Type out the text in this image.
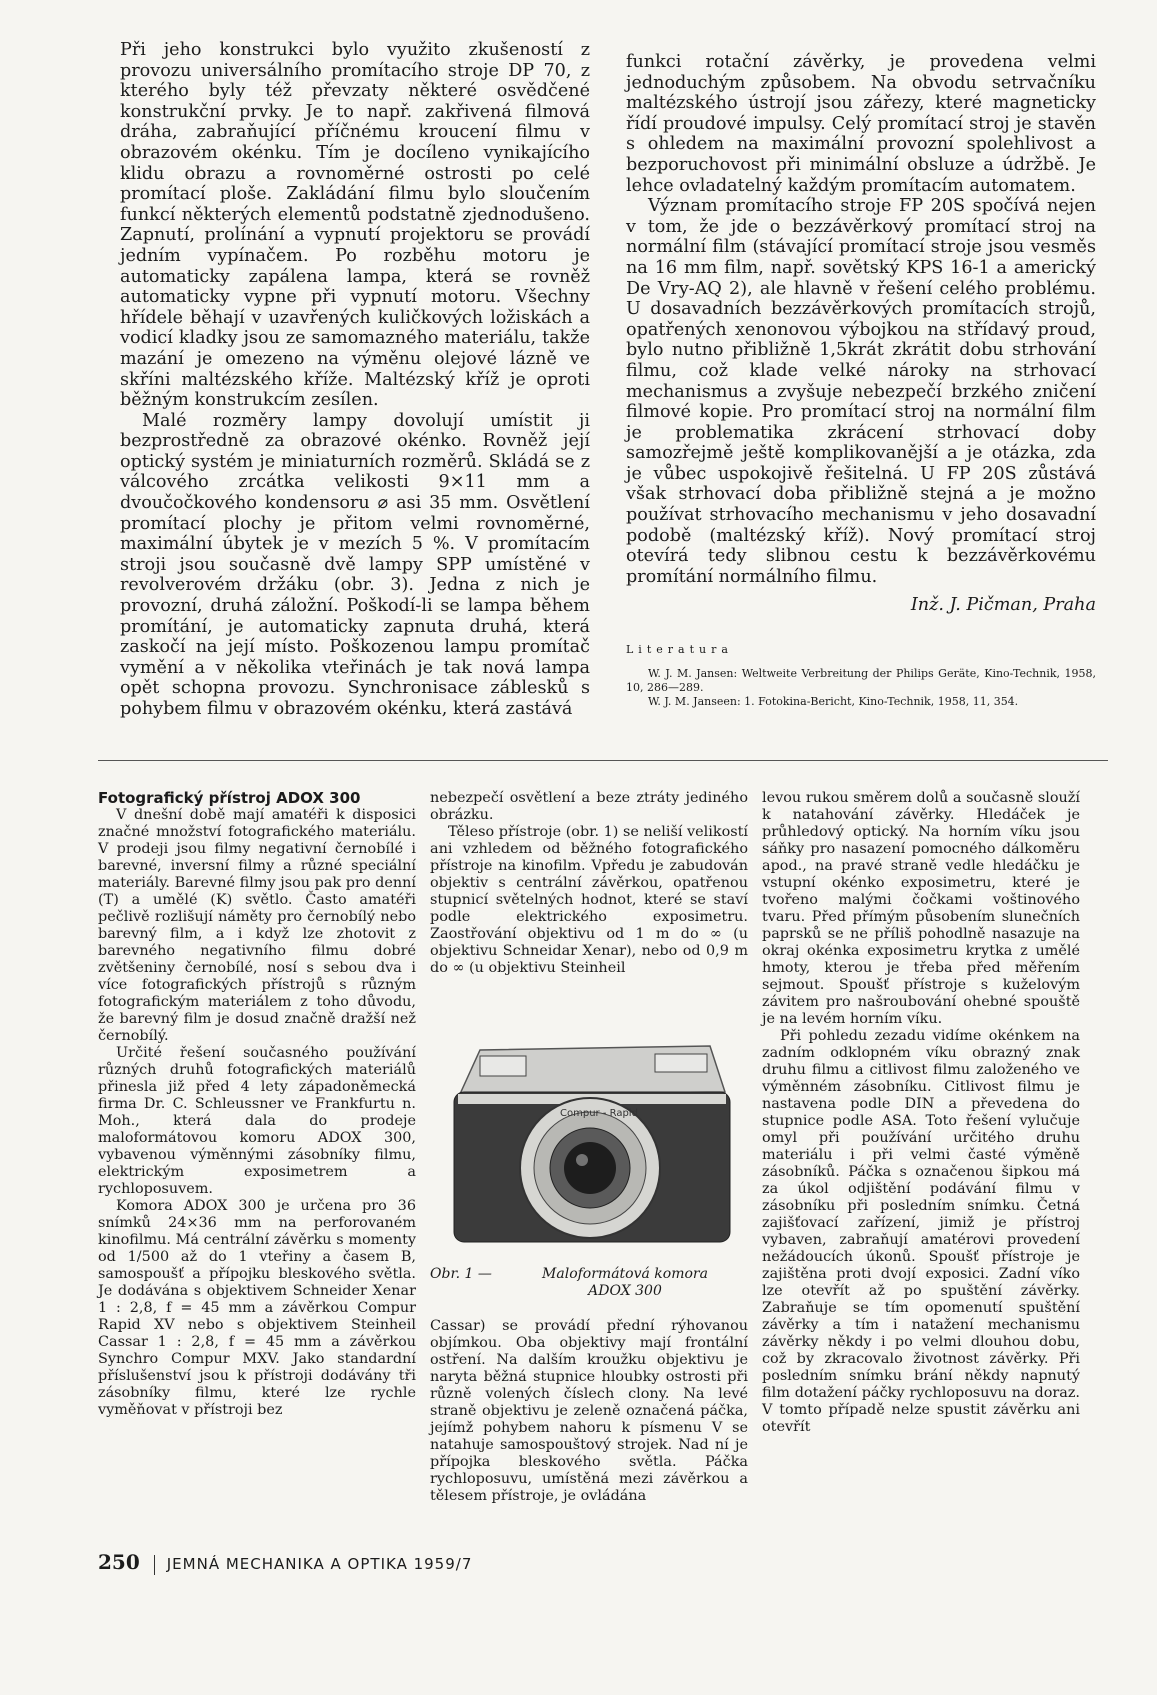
Při jeho konstrukci bylo využito zkušeností z provozu universálního promítacího stroje DP 70, z kterého byly též převzaty některé osvědčené konstrukční prvky. Je to např. zakřivená filmová dráha, zabraňující příčnému kroucení filmu v obrazovém okénku. Tím je docíleno vynikajícího klidu obrazu a rovnoměrné ostrosti po celé promítací ploše. Zakládání filmu bylo sloučením funkcí některých elementů podstatně zjednodušeno. Zapnutí, prolínání a vypnutí projektoru se provádí jedním vypínačem. Po rozběhu motoru je automaticky zapálena lampa, která se rovněž automaticky vypne při vypnutí motoru. Všechny hřídele běhají v uzavřených kuličkových ložiskách a vodicí kladky jsou ze samomazného materiálu, takže mazání je omezeno na výměnu olejové lázně ve skříni maltézského kříže. Maltézský kříž je oproti běžným konstrukcím zesílen.

Malé rozměry lampy dovolují umístit ji bezprostředně za obrazové okénko. Rovněž její optický systém je miniaturních rozměrů. Skládá se z válcového zrcátka velikosti 9×11 mm a dvoučočkového kondensoru ⌀ asi 35 mm. Osvětlení promítací plochy je přitom velmi rovnoměrné, maximální úbytek je v mezích 5 %. V promítacím stroji jsou současně dvě lampy SPP umístěné v revolverovém držáku (obr. 3). Jedna z nich je provozní, druhá záložní. Poškodí-li se lampa během promítání, je automaticky zapnuta druhá, která zaskočí na její místo. Poškozenou lampu promítač vymění a v několika vteřinách je tak nová lampa opět schopna provozu. Synchronisace záblesků s pohybem filmu v obrazovém okénku, která zastává

funkci rotační závěrky, je provedena velmi jednoduchým způsobem. Na obvodu setrvačníku maltézského ústrojí jsou zářezy, které magneticky řídí proudové impulsy. Celý promítací stroj je stavěn s ohledem na maximální provozní spolehlivost a bezporuchovost při minimální obsluze a údržbě. Je lehce ovladatelný každým promítacím automatem.

Význam promítacího stroje FP 20S spočívá nejen v tom, že jde o bezzávěrkový promítací stroj na normální film (stávající promítací stroje jsou vesměs na 16 mm film, např. sovětský KPS 16-1 a americký De Vry-AQ 2), ale hlavně v řešení celého problému. U dosavadních bezzávěrkových promítacích strojů, opatřených xenonovou výbojkou na střídavý proud, bylo nutno přibližně 1,5krát zkrátit dobu strhování filmu, což klade velké nároky na strhovací mechanismus a zvyšuje nebezpečí brzkého zničení filmové kopie. Pro promítací stroj na normální film je problematika zkrácení strhovací doby samozřejmě ještě komplikovanější a je otázka, zda je vůbec uspokojivě řešitelná. U FP 20S zůstává však strhovací doba přibližně stejná a je možno používat strhovacího mechanismu v jeho dosavadní podobě (maltézský kříž). Nový promítací stroj otevírá tedy slibnou cestu k bezzávěrkovému promítání normálního filmu.

Inž. J. Pičman, Praha
Literatura

W. J. M. Jansen: Weltweite Verbreitung der Philips Geräte, Kino-Technik, 1958, 10, 286—289.

W. J. M. Janseen: 1. Fotokina-Bericht, Kino-Technik, 1958, 11, 354.

Fotografický přístroj ADOX 300

V dnešní době mají amatéři k disposici značné množství fotografického materiálu. V prodeji jsou filmy negativní černobílé i barevné, inversní filmy a různé speciální materiály. Barevné filmy jsou pak pro denní (T) a umělé (K) světlo. Často amatéři pečlivě rozlišují náměty pro černobílý nebo barevný film, a i když lze zhotovit z barevného negativního filmu dobré zvětšeniny černobílé, nosí s sebou dva i více fotografických přístrojů s různým fotografickým materiálem z toho důvodu, že barevný film je dosud značně dražší než černobílý.

Určité řešení současného používání různých druhů fotografických materiálů přinesla již před 4 lety západoněmecká firma Dr. C. Schleussner ve Frankfurtu n. Moh., která dala do prodeje maloformátovou komoru ADOX 300, vybavenou výměnnými zásobníky filmu, elektrickým exposimetrem a rychloposuvem.

Komora ADOX 300 je určena pro 36 snímků 24×36 mm na perforovaném kinofilmu. Má centrální závěrku s momenty od 1/500 až do 1 vteřiny a časem B, samospoušť a přípojku bleskového světla. Je dodávána s objektivem Schneider Xenar 1 : 2,8, f = 45 mm a závěrkou Compur Rapid XV nebo s objektivem Steinheil Cassar 1 : 2,8, f = 45 mm a závěrkou Synchro Compur MXV. Jako standardní příslušenství jsou k přístroji dodávány tři zásobníky filmu, které lze rychle vyměňovat v přístroji bez

nebezpečí osvětlení a beze ztráty jediného obrázku.

Těleso přístroje (obr. 1) se neliší velikostí ani vzhledem od běžného fotografického přístroje na kinofilm. Vpředu je zabudován objektiv s centrální závěrkou, opatřenou stupnicí světelných hodnot, které se staví podle elektrického exposimetru. Zaostřování objektivu od 1 m do ∞ (u objektivu Schneidar Xenar), nebo od 0,9 m do ∞ (u objektivu Steinheil

Compur - Rapid
Obr. 1 —	Maloformátová komora ADOX 300

Cassar) se provádí přední rýhovanou objímkou. Oba objektivy mají frontální ostření. Na dalším kroužku objektivu je naryta běžná stupnice hloubky ostrosti při různě volených číslech clony. Na levé straně objektivu je zeleně označená páčka, jejímž pohybem nahoru k písmenu V se natahuje samospouštový strojek. Nad ní je přípojka bleskového světla. Páčka rychloposuvu, umístěná mezi závěrkou a tělesem přístroje, je ovládána

levou rukou směrem dolů a současně slouží k natahování závěrky. Hledáček je průhledový optický. Na horním víku jsou sáňky pro nasazení pomocného dálkoměru apod., na pravé straně vedle hledáčku je vstupní okénko exposimetru, které je tvořeno malými čočkami voštinového tvaru. Před přímým působením slunečních paprsků se ne příliš pohodlně nasazuje na okraj okénka exposimetru krytka z umělé hmoty, kterou je třeba před měřením sejmout. Spoušť přístroje s kuželovým závitem pro našroubování ohebné spouště je na levém horním víku.

Při pohledu zezadu vidíme okénkem na zadním odklopném víku obrazný znak druhu filmu a citlivost filmu založeného ve výměnném zásobníku. Citlivost filmu je nastavena podle DIN a převedena do stupnice podle ASA. Toto řešení vylučuje omyl při používání určitého druhu materiálu i při velmi časté výměně zásobníků. Páčka s označenou šipkou má za úkol odjištění podávání filmu v zásobníku při posledním snímku. Četná zajišťovací zařízení, jimiž je přístroj vybaven, zabraňují amatérovi provedení nežádoucích úkonů. Spoušť přístroje je zajištěna proti dvojí exposici. Zadní víko lze otevřít až po spuštění závěrky. Zabraňuje se tím opomenutí spuštění závěrky a tím i natažení mechanismu závěrky někdy i po velmi dlouhou dobu, což by zkracovalo životnost závěrky. Při posledním snímku brání někdy napnutý film dotažení páčky rychloposuvu na doraz. V tomto případě nelze spustit závěrku ani otevřít

250 JEMNÁ MECHANIKA A OPTIKA 1959/7
